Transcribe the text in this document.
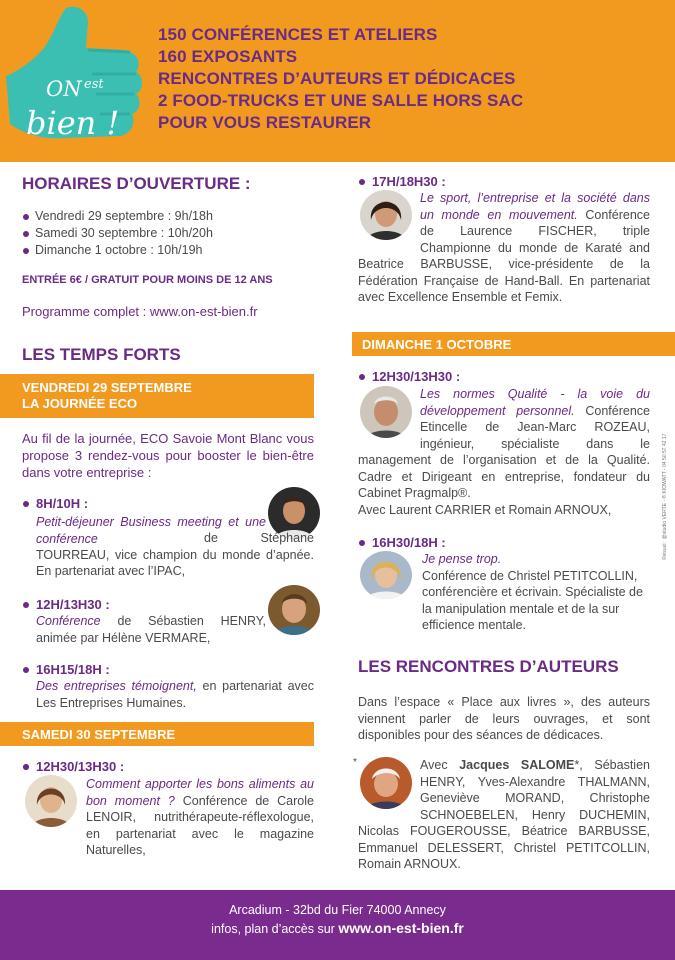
ON est
bien !
150 CONFÉRENCES ET ATELIERS
160 EXPOSANTS
RENCONTRES D’AUTEURS ET DÉDICACES
2 FOOD-TRUCKS ET UNE SALLE HORS SAC
POUR VOUS RESTAURER
HORAIRES D’OUVERTURE :
Vendredi 29 septembre : 9h/18h
Samedi 30 septembre : 10h/20h
Dimanche 1 octobre : 10h/19h
ENTRÉE 6€ / GRATUIT POUR MOINS DE 12 ANS
Programme complet : www.on-est-bien.fr
LES TEMPS FORTS
VENDREDI 29 SEPTEMBRE
LA JOURNÉE ECO
Au fil de la journée, ECO Savoie Mont Blanc vous propose 3 rendez-vous pour booster le bien-être dans votre entreprise :
8H/10H :
Petit-déjeuner Business meeting et une conférence	de Stéphane TOURREAU, vice champion du monde d’apnée. En partenariat avec l’IPAC,
12H/13H30 :
Conférence de Sébastien HENRY, animée par Hélène VERMARE,
16H15/18H :
Des entreprises témoignent, en partenariat avec Les Entreprises Humaines.
SAMEDI 30 SEPTEMBRE
12H30/13H30 :
Comment apporter les bons aliments au bon moment ? Conférence de Carole LENOIR, nutrithérapeute-réflexologue, en partenariat avec le magazine Naturelles,
17H/18H30 :
Le sport, l’entreprise et la société dans un monde en mouvement. Conférence de Laurence FISCHER, triple Championne du monde de Karaté and Beatrice BARBUSSE, vice-présidente de la Fédération Française de Hand-Ball. En partenariat avec Excellence Ensemble et Femix.
DIMANCHE 1 OCTOBRE
12H30/13H30 :
Les normes Qualité - la voie du développement personnel. Conférence Etincelle de Jean-Marc ROZEAU, ingénieur, spécialiste dans le management de l’organisation et de la Qualité. Cadre et Dirigeant en entreprise, fondateur du Cabinet Pragmalp®.
Avec Laurent CARRIER et Romain ARNOUX,
16H30/18H :
Je pense trop.
Conférence de Christel PETITCOLLIN, conférencière et écrivain. Spécialiste de la manipulation mentale et de la sur efficience mentale.
LES RENCONTRES D’AUTEURS
Dans l’espace « Place aux livres », des auteurs viennent parler de leurs ouvrages, et sont disponibles pour des séances de dédicaces.
*	Avec Jacques SALOME*, Sébastien HENRY, Yves-Alexandre THALMANN, Geneviève MORAND, Christophe SCHNOEBELEN, Henry DUCHEMIN, Nicolas FOUGEROUSSE, Béatrice BARBUSSE, Emmanuel DELESSERT, Christel PETITCOLLIN, Romain ARNOUX.
©visuel : @studio VERTE · ® KIOWATT - 04 50 57 42 17
Arcadium - 32bd du Fier 74000 Annecy
infos, plan d’accès sur www.on-est-bien.fr
